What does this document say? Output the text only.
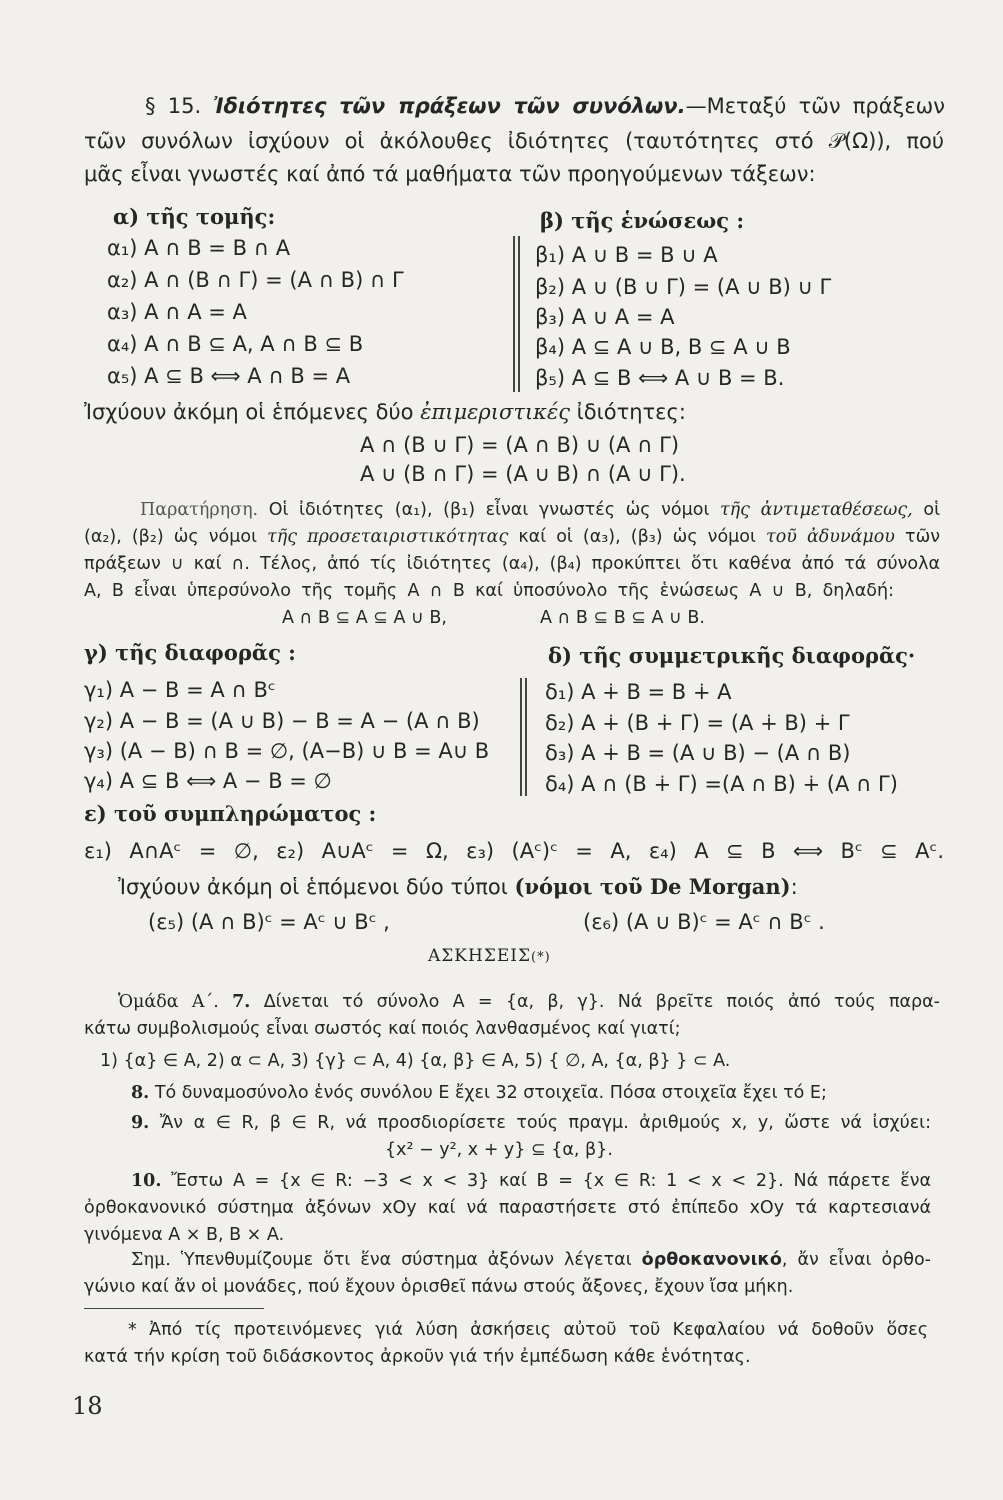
§ 15. Ἰδιότητες τῶν πράξεων τῶν συνόλων.—Μεταξύ τῶν πράξεων
τῶν συνόλων ἰσχύουν οἱ ἀκόλουθες ἰδιότητες (ταυτότητες στό 𝒫(Ω)), πού
μᾶς εἶναι γνωστές καί ἀπό τά μαθήματα τῶν προηγούμενων τάξεων:
α) τῆς τομῆς:	β) τῆς ἑνώσεως :
α₁) A ∩ B = B ∩ A
α₂) A ∩ (B ∩ Γ) = (A ∩ B) ∩ Γ
α₃) A ∩ A = A
α₄) A ∩ B ⊆ A, A ∩ B ⊆ B
α₅) A ⊆ B ⟺ A ∩ B = A
β₁) A ∪ B = B ∪ A
β₂) A ∪ (B ∪ Γ) = (A ∪ B) ∪ Γ
β₃) A ∪ A = A
β₄) A ⊆ A ∪ B, B ⊆ A ∪ B
β₅) A ⊆ B ⟺ A ∪ B = B.
Ἰσχύουν ἀκόμη οἱ ἑπόμενες δύο ἐπιμεριστικές ἰδιότητες:
A ∩ (B ∪ Γ) = (A ∩ B) ∪ (A ∩ Γ)
A ∪ (B ∩ Γ) = (A ∪ B) ∩ (A ∪ Γ).
Παρατήρηση. Οἱ ἰδιότητες (α₁), (β₁) εἶναι γνωστές ὡς νόμοι τῆς ἀντιμεταθέσεως, οἱ
(α₂), (β₂) ὡς νόμοι τῆς προσεταιριστικότητας καί οἱ (α₃), (β₃) ὡς νόμοι τοῦ ἀδυνάμου τῶν
πράξεων ∪ καί ∩. Τέλος, ἀπό τίς ἰδιότητες (α₄), (β₄) προκύπτει ὅτι καθένα ἀπό τά σύνολα
A, B εἶναι ὑπερσύνολο τῆς τομῆς A ∩ B καί ὑποσύνολο τῆς ἑνώσεως A ∪ B, δηλαδή:
A ∩ B ⊆ A ⊆ A ∪ B,	A ∩ B ⊆ B ⊆ A ∪ B.
γ) τῆς διαφορᾶς :	δ) τῆς συμμετρικῆς διαφορᾶς·
γ₁) A − B = A ∩ Bᶜ
γ₂) A − B = (A ∪ B) − B = A − (A ∩ B)
γ₃) (A − B) ∩ B = ∅, (A−B) ∪ B = A∪ B
γ₄) A ⊆ B ⟺ A − B = ∅
δ₁) A ∔ B = B ∔ A
δ₂) A ∔ (B ∔ Γ) = (A ∔ B) ∔ Γ
δ₃) A ∔ B = (A ∪ B) − (A ∩ B)
δ₄) A ∩ (B ∔ Γ) =(A ∩ B) ∔ (A ∩ Γ)
ε) τοῦ συμπληρώματος :
ε₁) A∩Aᶜ = ∅, ε₂) A∪Aᶜ = Ω, ε₃) (Aᶜ)ᶜ = A, ε₄) A ⊆ B ⟺ Bᶜ ⊆ Aᶜ.
Ἰσχύουν ἀκόμη οἱ ἑπόμενοι δύο τύποι (νόμοι τοῦ De Morgan):
(ε₅) (A ∩ B)ᶜ = Aᶜ ∪ Bᶜ ,	(ε₆) (A ∪ B)ᶜ = Aᶜ ∩ Bᶜ .
ΑΣΚΗΣΕΙΣ(*)
Ὁμάδα Α΄. 7. Δίνεται τό σύνολο A = {α, β, γ}. Νά βρεῖτε ποιός ἀπό τούς παρα-
κάτω συμβολισμούς εἶναι σωστός καί ποιός λανθασμένος καί γιατί;
1) {α} ∈ A, 2) α ⊂ A, 3) {γ} ⊂ A, 4) {α, β} ∈ A, 5) { ∅, A, {α, β} } ⊂ A.
8. Τό δυναμοσύνολο ἑνός συνόλου E ἔχει 32 στοιχεῖα. Πόσα στοιχεῖα ἔχει τό E;
9. Ἄν α ∈ R, β ∈ R, νά προσδιορίσετε τούς πραγμ. ἀριθμούς x, y, ὥστε νά ἰσχύει:
{x² − y², x + y} ⊆ {α, β}.
10. Ἔστω A = {x ∈ R: −3 < x < 3} καί B = {x ∈ R: 1 < x < 2}. Νά πάρετε ἕνα
ὀρθοκανονικό σύστημα ἀξόνων xOy καί νά παραστήσετε στό ἐπίπεδο xOy τά καρτεσιανά
γινόμενα A × B, B × A.
Σημ. Ὑπενθυμίζουμε ὅτι ἕνα σύστημα ἀξόνων λέγεται ὀρθοκανονικό, ἄν εἶναι ὀρθο-
γώνιο καί ἄν οἱ μονάδες, πού ἔχουν ὁρισθεῖ πάνω στούς ἄξονες, ἔχουν ἴσα μήκη.
* Ἀπό τίς προτεινόμενες γιά λύση ἀσκήσεις αὐτοῦ τοῦ Κεφαλαίου νά δοθοῦν ὅσες
κατά τήν κρίση τοῦ διδάσκοντος ἀρκοῦν γιά τήν ἐμπέδωση κάθε ἑνότητας.
18
